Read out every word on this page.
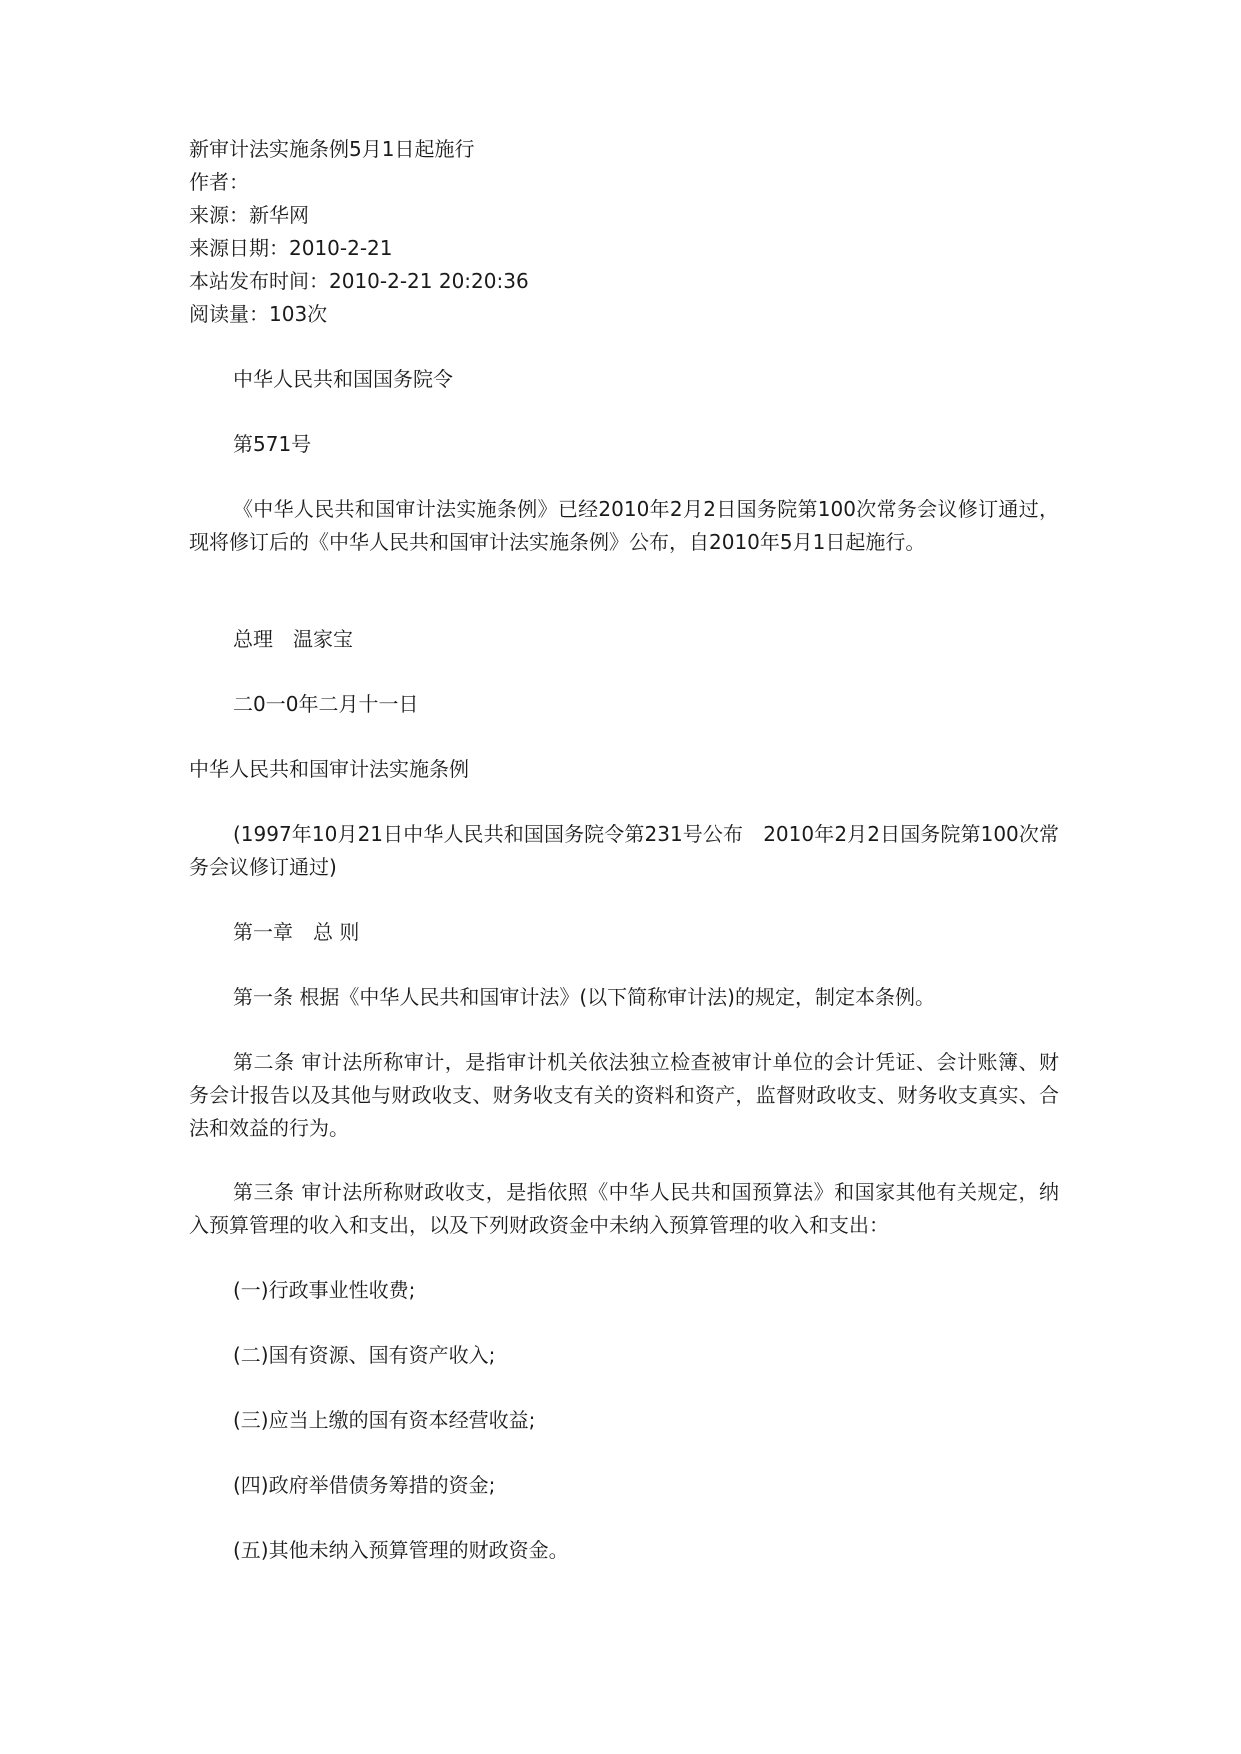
新审计法实施条例5月1日起施行

作者：

来源：新华网

来源日期：2010-2-21

本站发布时间：2010-2-21 20:20:36

阅读量：103次

中华人民共和国国务院令

第571号

《中华人民共和国审计法实施条例》已经2010年2月2日国务院第100次常务会议修订通过，现将修订后的《中华人民共和国审计法实施条例》公布，自2010年5月1日起施行。

总理　温家宝

二0一0年二月十一日

中华人民共和国审计法实施条例

(1997年10月21日中华人民共和国国务院令第231号公布　2010年2月2日国务院第100次常务会议修订通过)

第一章　总 则

第一条 根据《中华人民共和国审计法》(以下简称审计法)的规定，制定本条例。

第二条 审计法所称审计，是指审计机关依法独立检查被审计单位的会计凭证、会计账簿、财务会计报告以及其他与财政收支、财务收支有关的资料和资产，监督财政收支、财务收支真实、合法和效益的行为。

第三条 审计法所称财政收支，是指依照《中华人民共和国预算法》和国家其他有关规定，纳入预算管理的收入和支出，以及下列财政资金中未纳入预算管理的收入和支出：

(一)行政事业性收费;

(二)国有资源、国有资产收入;

(三)应当上缴的国有资本经营收益;

(四)政府举借债务筹措的资金;

(五)其他未纳入预算管理的财政资金。
